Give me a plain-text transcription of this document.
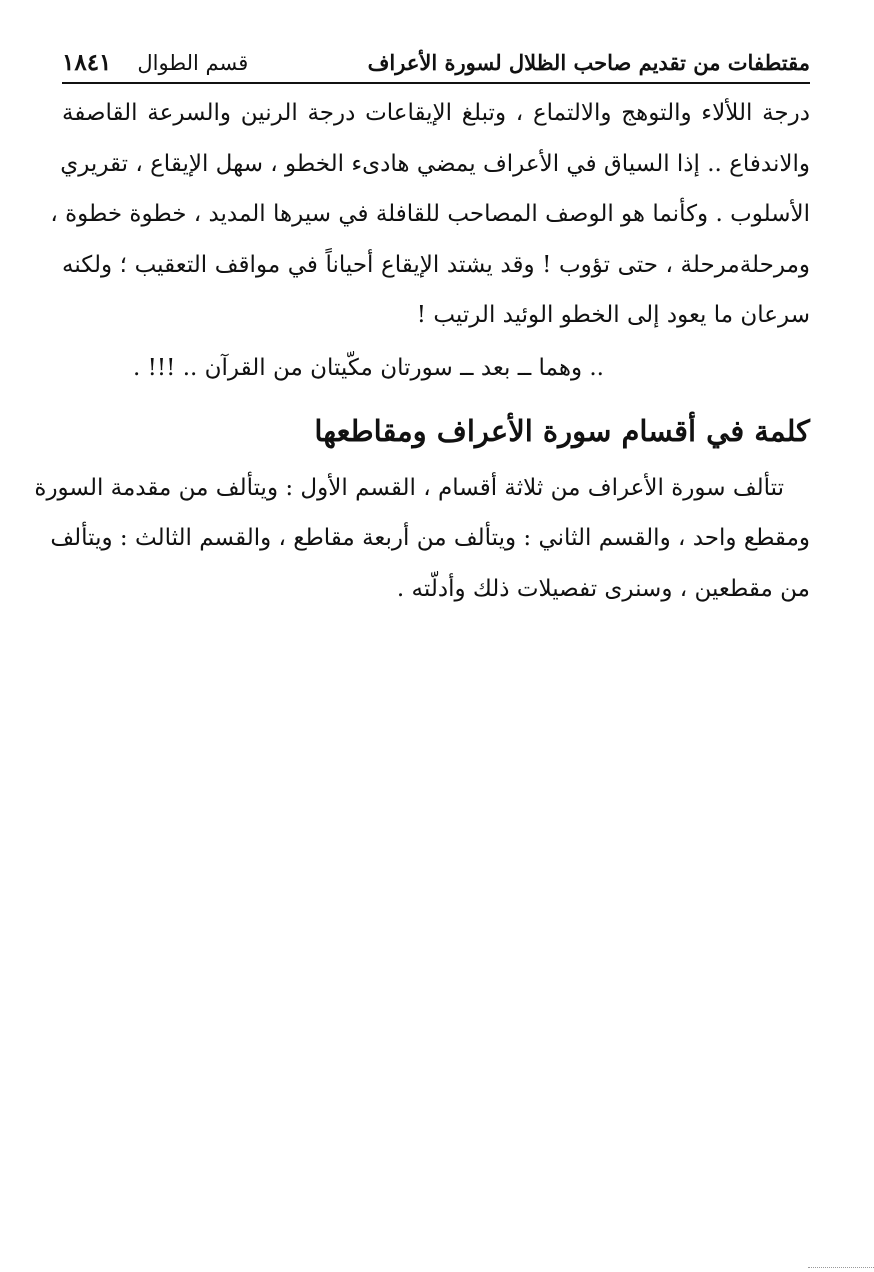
مقتطفات من تقديم صاحب الظلال لسورة الأعراف
قسم الطوال
١٨٤١

درجة اللألاء والتوهج والالتماع ، وتبلغ الإيقاعات درجة الرنين والسرعة القاصفة
والاندفاع .. إذا السياق في الأعراف يمضي هادىء الخطو ، سهل الإيقاع ، تقريري
الأسلوب . وكأنما هو الوصف المصاحب للقافلة في سيرها المديد ، خطوة خطوة ،
ومرحلةمرحلة ، حتى تؤوب ! وقد يشتد الإيقاع أحياناً في مواقف التعقيب ؛ ولكنه
سرعان ما يعود إلى الخطو الوئيد الرتيب !

.. وهما ــ بعد ــ سورتان مكّيتان من القرآن .. !!! .

كلمة في أقسام سورة الأعراف ومقاطعها

تتألف سورة الأعراف من ثلاثة أقسام ، القسم الأول : ويتألف من مقدمة السورة
ومقطع واحد ، والقسم الثاني : ويتألف من أربعة مقاطع ، والقسم الثالث : ويتألف
من مقطعين ، وسنرى تفصيلات ذلك وأدلّته .
